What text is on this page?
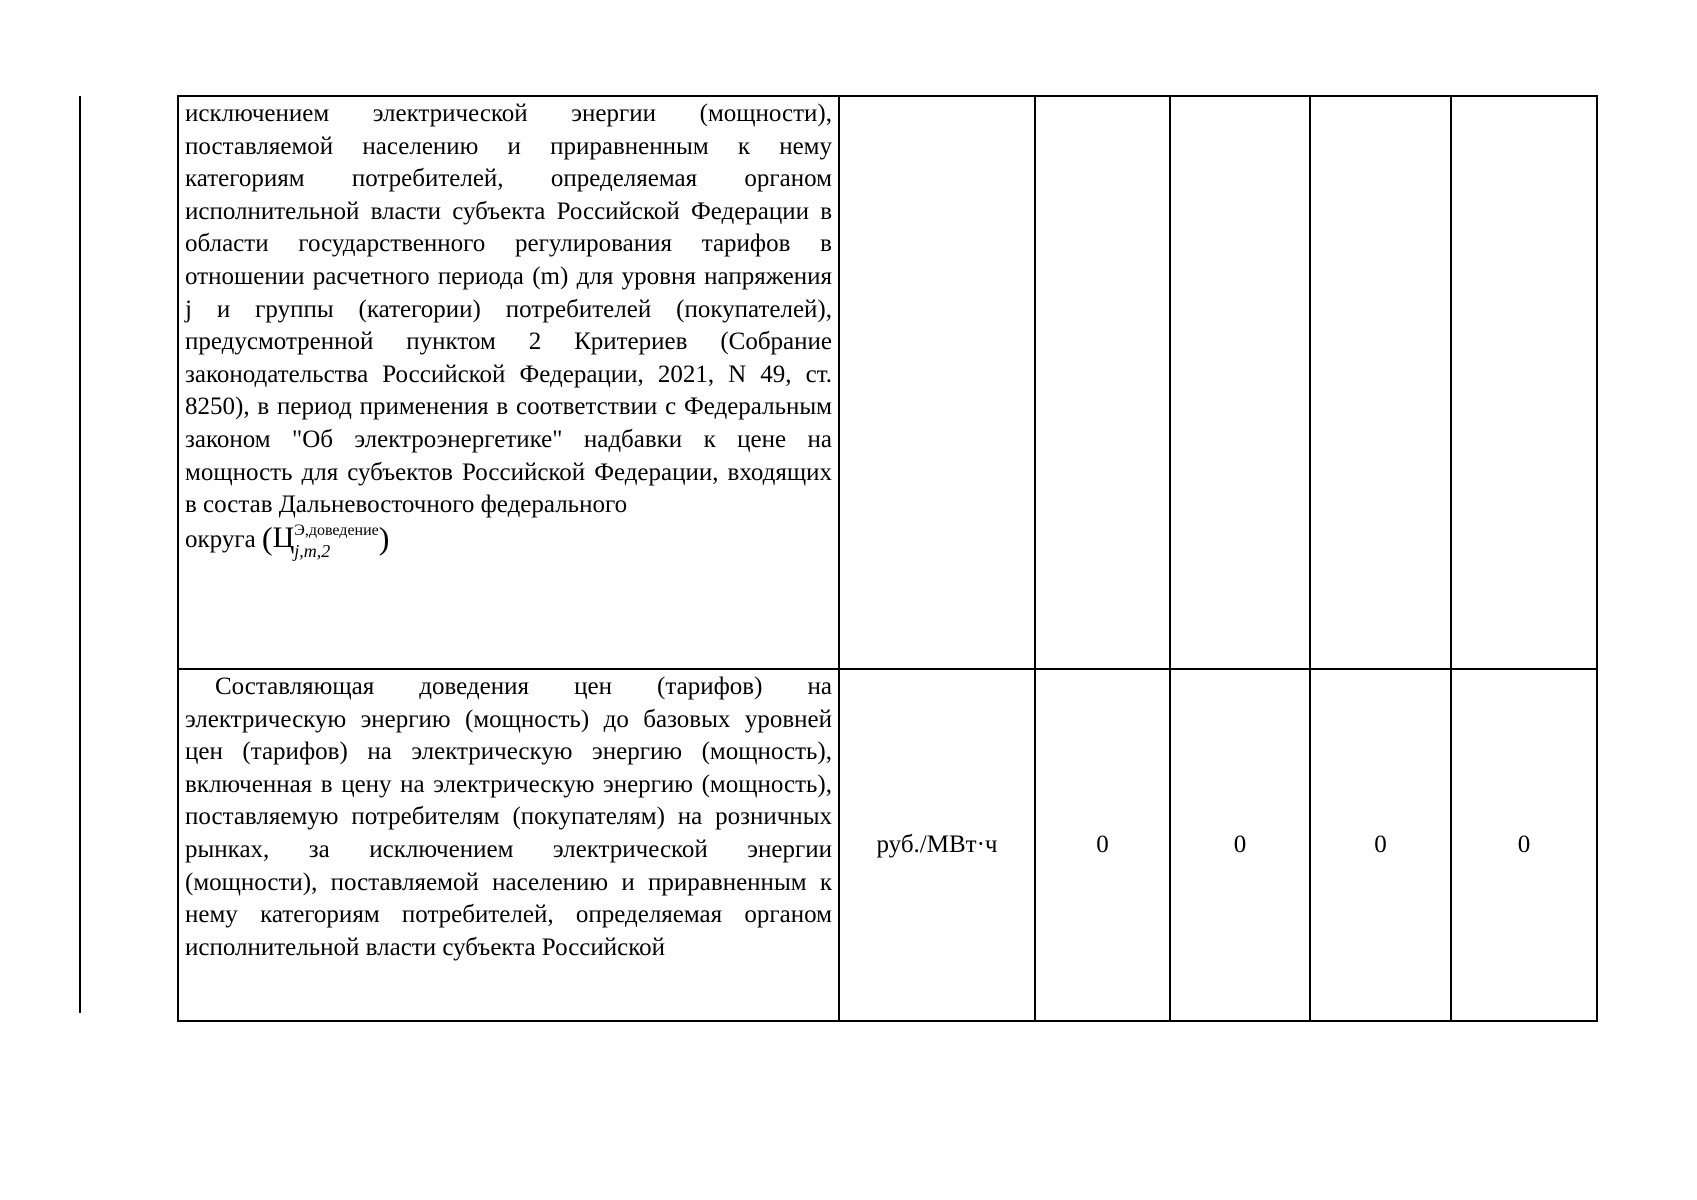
исключением электрической энергии (мощности), поставляемой населению и приравненным к нему категориям потребителей, определяемая органом исполнительной власти субъекта Российской Федерации в области государственного регулирования тарифов в отношении расчетного периода (m) для уровня напряжения j и группы (категории) потребителей (покупателей), предусмотренной пунктом 2 Критериев (Собрание законодательства Российской Федерации, 2021, N 49, ст. 8250), в период применения в соответствии с Федеральным законом "Об электроэнергетике" надбавки к цене на мощность для субъектов Российской Федерации, входящих в состав Дальневосточного федерального
округа (Ц Э,доведение
j,m,2 )					

Составляющая доведения цен (тарифов) на электрическую энергию (мощность) до базовых уровней цен (тарифов) на электрическую энергию (мощность), включенная в цену на электрическую энергию (мощность), поставляемую потребителям (покупателям) на розничных рынках, за исключением электрической энергии (мощности), поставляемой населению и приравненным к нему категориям потребителей, определяемая органом исполнительной власти субъекта Российской	руб./МВт·ч	0	0	0	0
